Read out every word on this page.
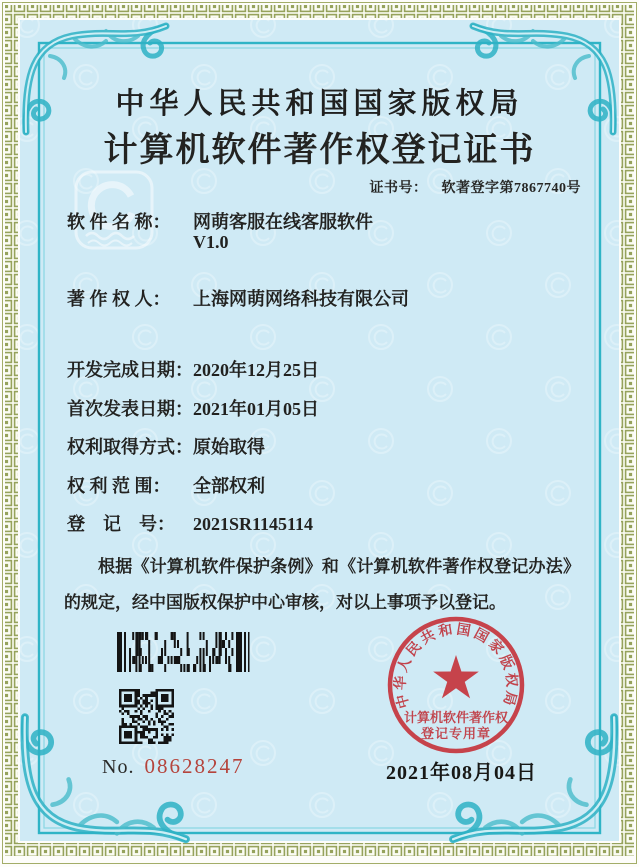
中华人民共和国国家版权局
计算机软件著作权登记证书
证书号： 软著登字第7867740号
软 件 名 称： 网萌客服在线客服软件
V1.0
著 作 权 人： 上海网萌网络科技有限公司
开发完成日期：2020年12月25日
首次发表日期：2021年01月05日
权利取得方式：原始取得
权 利 范 围： 全部权利
登　记　号： 2021SR1145114
根据《计算机软件保护条例》和《计算机软件著作权登记办法》的规定，经中国版权保护中心审核，对以上事项予以登记。
No. 08628247
中华人民共和国国家版权局
计算机软件著作权
登记专用章
2021年08月04日
